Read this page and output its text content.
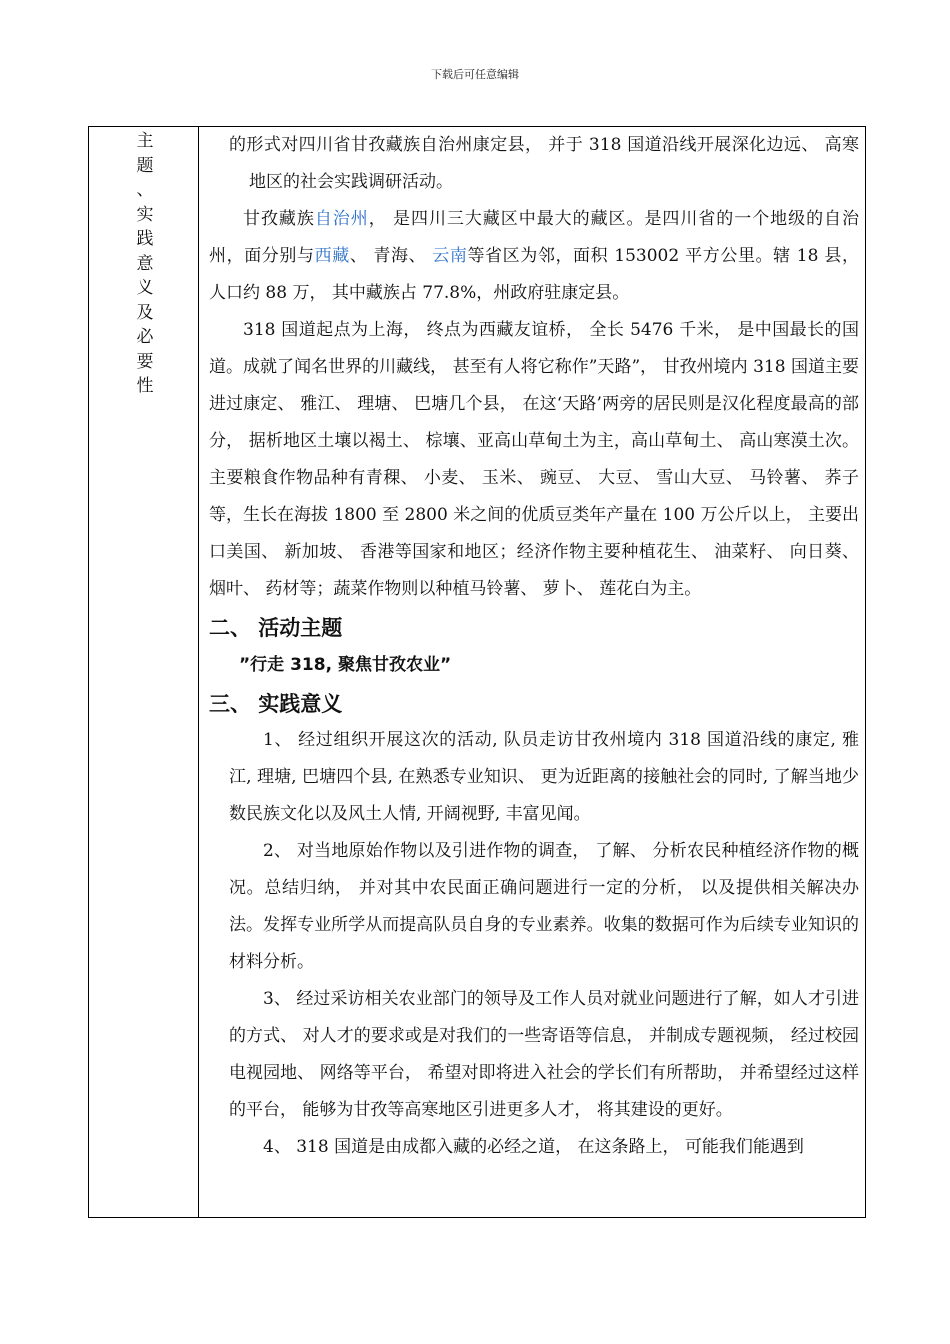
下载后可任意编辑
主
题
、
实
践
意
义
及
必
要
性

的形式对四川省甘孜藏族自治州康定县， 并于 318 国道沿线开展深化边远、 高寒地区的社会实践调研活动。

甘孜藏族自治州， 是四川三大藏区中最大的藏区。是四川省的一个地级的自治州，面分别与西藏、 青海、 云南等省区为邻，面积 153002 平方公里。辖 18 县， 人口约 88 万， 其中藏族占 77.8%，州政府驻康定县。

318 国道起点为上海， 终点为西藏友谊桥， 全长 5476 千米， 是中国最长的国道。成就了闻名世界的川藏线， 甚至有人将它称作”天路”， 甘孜州境内 318 国道主要进过康定、 雅江、 理塘、 巴塘几个县， 在这‘天路’两旁的居民则是汉化程度最高的部分， 据析地区土壤以褐土、 棕壤、亚高山草甸土为主，高山草甸土、 高山寒漠土次。主要粮食作物品种有青稞、 小麦、 玉米、 豌豆、 大豆、 雪山大豆、 马铃薯、 荞子等，生长在海拔 1800 至 2800 米之间的优质豆类年产量在 100 万公斤以上， 主要出口美国、 新加坡、 香港等国家和地区；经济作物主要种植花生、 油菜籽、 向日葵、 烟叶、 药材等；蔬菜作物则以种植马铃薯、 萝卜、 莲花白为主。

二、 活动主题

”行走 318, 聚焦甘孜农业”

三、 实践意义

1、 经过组织开展这次的活动, 队员走访甘孜州境内 318 国道沿线的康定, 雅江, 理塘, 巴塘四个县, 在熟悉专业知识、 更为近距离的接触社会的同时, 了解当地少数民族文化以及风土人情, 开阔视野, 丰富见闻。

2、 对当地原始作物以及引进作物的调查， 了解、 分析农民种植经济作物的概况。总结归纳， 并对其中农民面正确问题进行一定的分析， 以及提供相关解决办法。发挥专业所学从而提高队员自身的专业素养。收集的数据可作为后续专业知识的材料分析。

3、 经过采访相关农业部门的领导及工作人员对就业问题进行了解，如人才引进的方式、 对人才的要求或是对我们的一些寄语等信息， 并制成专题视频， 经过校园电视园地、 网络等平台， 希望对即将进入社会的学长们有所帮助， 并希望经过这样的平台， 能够为甘孜等高寒地区引进更多人才， 将其建设的更好。

4、 318 国道是由成都入藏的必经之道， 在这条路上， 可能我们能遇到
